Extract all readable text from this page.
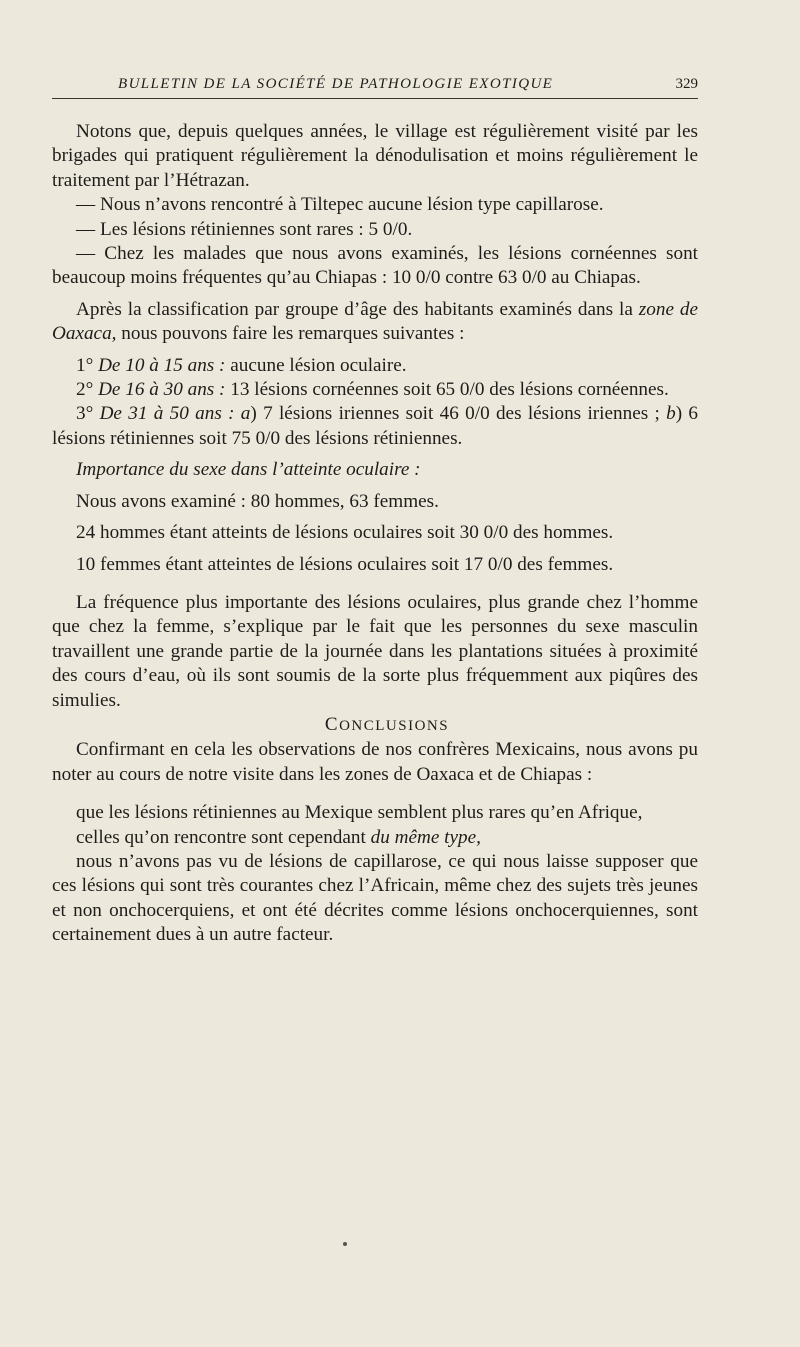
BULLETIN DE LA SOCIÉTÉ DE PATHOLOGIE EXOTIQUE	329

Notons que, depuis quelques années, le village est régulièrement visité par les brigades qui pratiquent régulièrement la dénodulisation et moins régulièrement le traitement par l’Hétrazan.

— Nous n’avons rencontré à Tiltepec aucune lésion type capillarose.

— Les lésions rétiniennes sont rares : 5 0/0.

— Chez les malades que nous avons examinés, les lésions cornéennes sont beaucoup moins fréquentes qu’au Chiapas : 10 0/0 contre 63 0/0 au Chiapas.

Après la classification par groupe d’âge des habitants examinés dans la zone de Oaxaca, nous pouvons faire les remarques suivantes :

1° De 10 à 15 ans : aucune lésion oculaire.

2° De 16 à 30 ans : 13 lésions cornéennes soit 65 0/0 des lésions cornéennes.

3° De 31 à 50 ans : a) 7 lésions iriennes soit 46 0/0 des lésions iriennes ; b) 6 lésions rétiniennes soit 75 0/0 des lésions rétiniennes.

Importance du sexe dans l’atteinte oculaire :

Nous avons examiné : 80 hommes, 63 femmes.

24 hommes étant atteints de lésions oculaires soit 30 0/0 des hommes.

10 femmes étant atteintes de lésions oculaires soit 17 0/0 des femmes.

La fréquence plus importante des lésions oculaires, plus grande chez l’homme que chez la femme, s’explique par le fait que les personnes du sexe masculin travaillent une grande partie de la journée dans les plantations situées à proximité des cours d’eau, où ils sont soumis de la sorte plus fréquemment aux piqûres des simulies.

CONCLUSIONS

Confirmant en cela les observations de nos confrères Mexicains, nous avons pu noter au cours de notre visite dans les zones de Oaxaca et de Chiapas :

que les lésions rétiniennes au Mexique semblent plus rares qu’en Afrique,

celles qu’on rencontre sont cependant du même type,

nous n’avons pas vu de lésions de capillarose, ce qui nous laisse supposer que ces lésions qui sont très courantes chez l’Africain, même chez des sujets très jeunes et non onchocerquiens, et ont été décrites comme lésions onchocerquiennes, sont certainement dues à un autre facteur.
